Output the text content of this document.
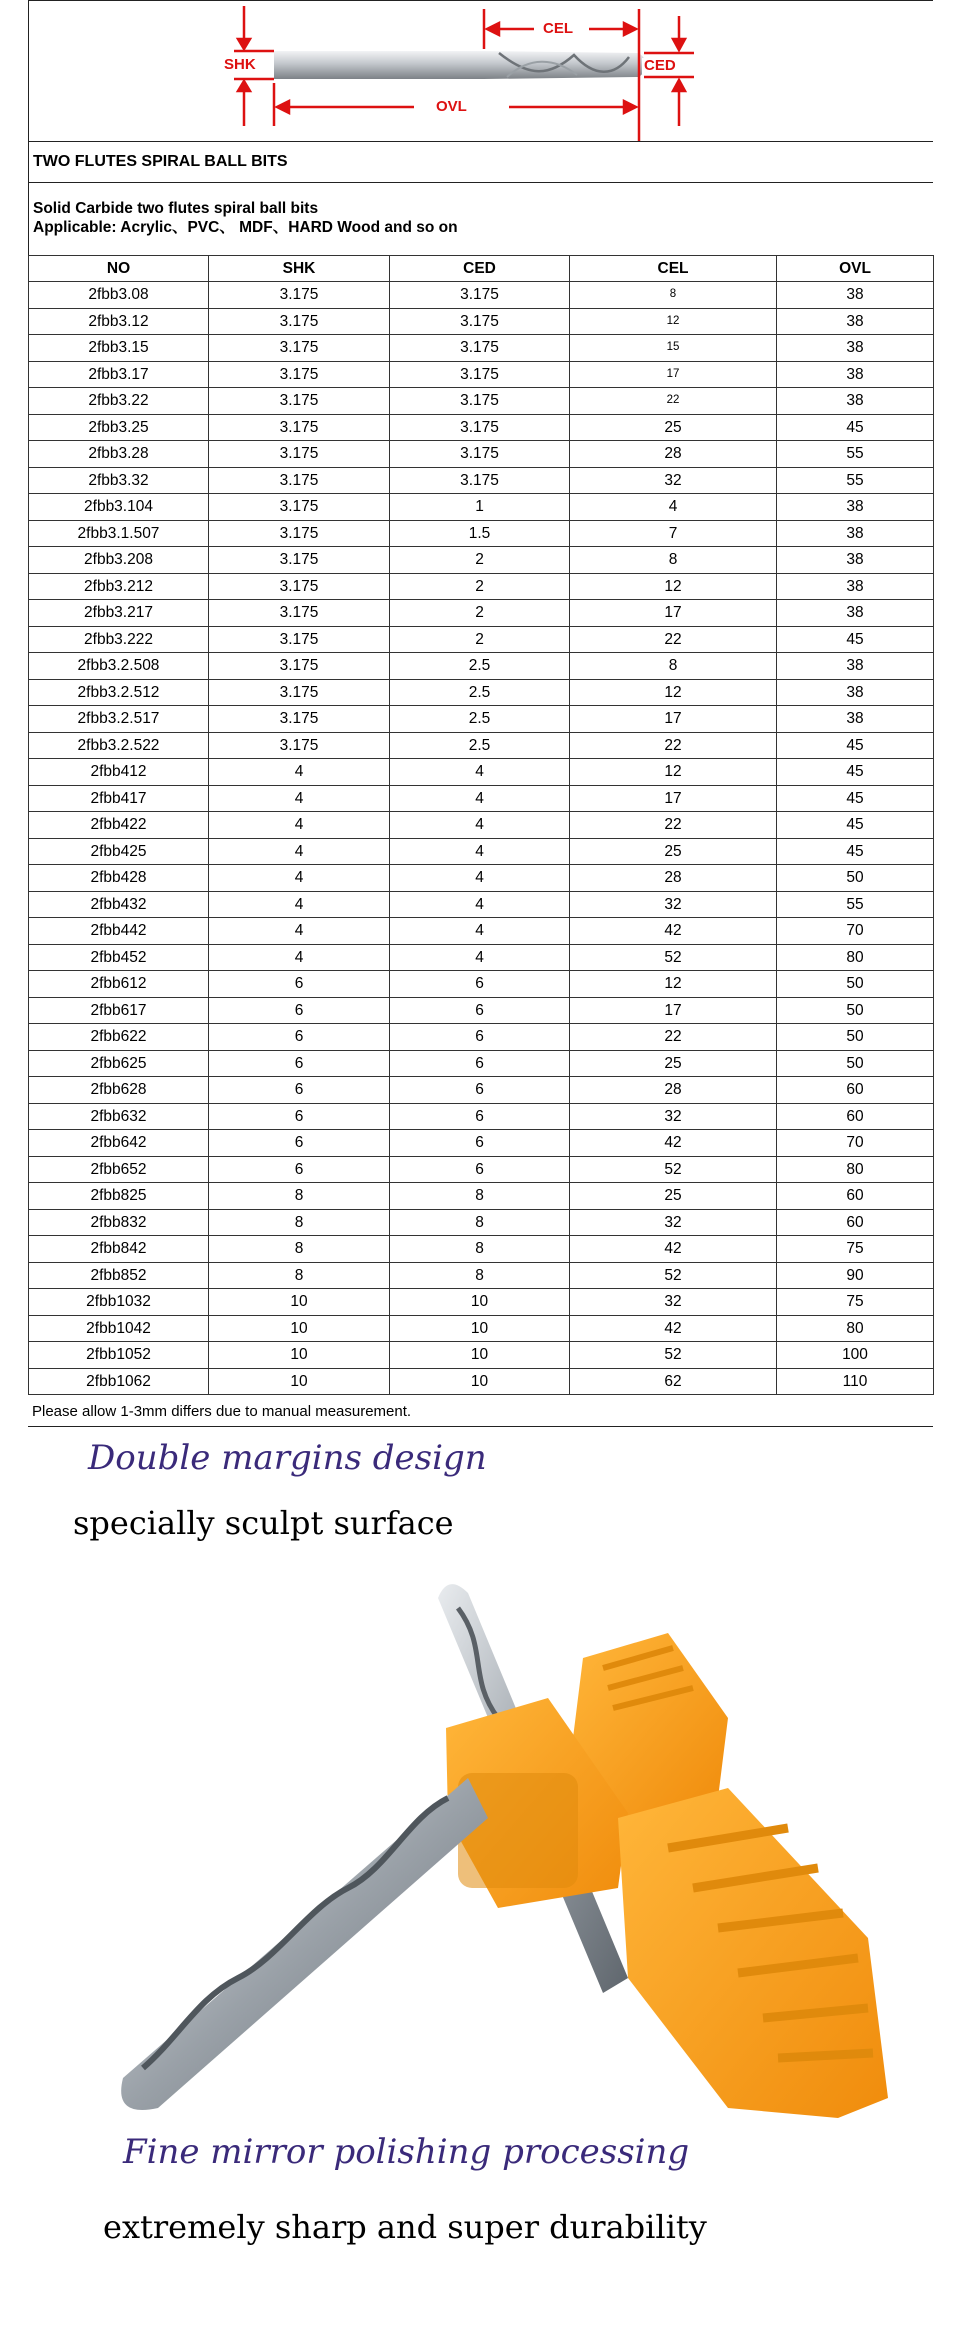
SHK
CEL
CED
OVL
TWO FLUTES SPIRAL BALL BITS
Solid Carbide two flutes spiral ball bits
Applicable: Acrylic、PVC、 MDF、HARD Wood and so on
NO	SHK	CED	CEL	OVL
2fbb3.08	3.175	3.175	8	38
2fbb3.12	3.175	3.175	12	38
2fbb3.15	3.175	3.175	15	38
2fbb3.17	3.175	3.175	17	38
2fbb3.22	3.175	3.175	22	38
2fbb3.25	3.175	3.175	25	45
2fbb3.28	3.175	3.175	28	55
2fbb3.32	3.175	3.175	32	55
2fbb3.104	3.175	1	4	38
2fbb3.1.507	3.175	1.5	7	38
2fbb3.208	3.175	2	8	38
2fbb3.212	3.175	2	12	38
2fbb3.217	3.175	2	17	38
2fbb3.222	3.175	2	22	45
2fbb3.2.508	3.175	2.5	8	38
2fbb3.2.512	3.175	2.5	12	38
2fbb3.2.517	3.175	2.5	17	38
2fbb3.2.522	3.175	2.5	22	45
2fbb412	4	4	12	45
2fbb417	4	4	17	45
2fbb422	4	4	22	45
2fbb425	4	4	25	45
2fbb428	4	4	28	50
2fbb432	4	4	32	55
2fbb442	4	4	42	70
2fbb452	4	4	52	80
2fbb612	6	6	12	50
2fbb617	6	6	17	50
2fbb622	6	6	22	50
2fbb625	6	6	25	50
2fbb628	6	6	28	60
2fbb632	6	6	32	60
2fbb642	6	6	42	70
2fbb652	6	6	52	80
2fbb825	8	8	25	60
2fbb832	8	8	32	60
2fbb842	8	8	42	75
2fbb852	8	8	52	90
2fbb1032	10	10	32	75
2fbb1042	10	10	42	80
2fbb1052	10	10	52	100
2fbb1062	10	10	62	110
Please allow 1-3mm differs due to manual measurement.
Double margins design
specially sculpt surface
Fine mirror polishing processing
extremely sharp and super durability
